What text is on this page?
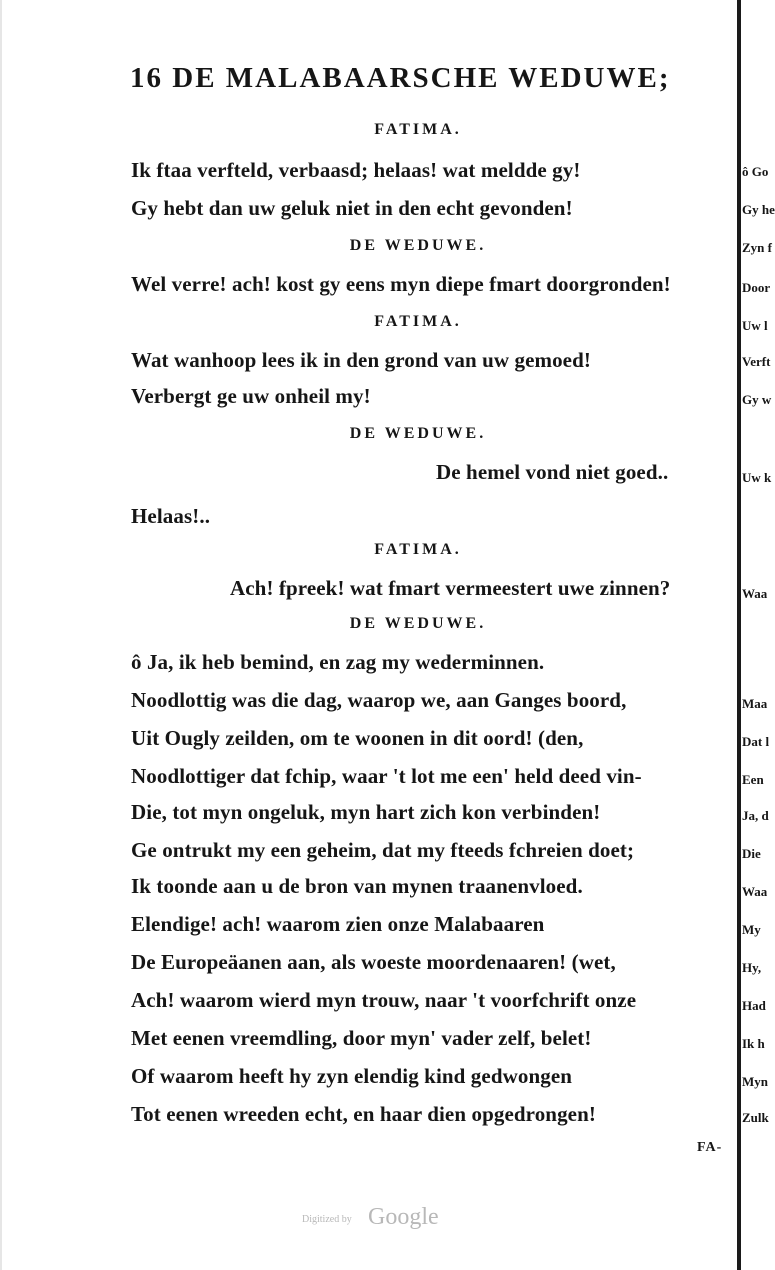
16 DE MALABAARSCHE WEDUWE;
FATIMA.
Ik ftaa verfteld, verbaasd; helaas! wat meldde gy!
Gy hebt dan uw geluk niet in den echt gevonden!
DE WEDUWE.
Wel verre! ach! kost gy eens myn diepe fmart doorgronden!
FATIMA.
Wat wanhoop lees ik in den grond van uw gemoed!
Verbergt ge uw onheil my!
DE WEDUWE.
De hemel vond niet goed..
Helaas!..
FATIMA.
Ach! fpreek! wat fmart vermeestert uwe zinnen?
DE WEDUWE.
ô Ja, ik heb bemind, en zag my wederminnen.
Noodlottig was die dag, waarop we, aan Ganges boord,
Uit Ougly zeilden, om te woonen in dit oord! (den,
Noodlottiger dat fchip, waar 't lot me een' held deed vin-
Die, tot myn ongeluk, myn hart zich kon verbinden!
Ge ontrukt my een geheim, dat my fteeds fchreien doet;
Ik toonde aan u de bron van mynen traanenvloed.
Elendige! ach! waarom zien onze Malabaaren
De Europeäanen aan, als woeste moordenaaren! (wet,
Ach! waarom wierd myn trouw, naar 't voorfchrift onze
Met eenen vreemdling, door myn' vader zelf, belet!
Of waarom heeft hy zyn elendig kind gedwongen
Tot eenen wreeden echt, en haar dien opgedrongen!
ô Go
Gy he
Zyn f
Door
Uw l
Verft
Gy w
Uw k
Waa
Maa
Dat l
Een
Ja, d
Die
Waa
My
Hy,
Had
Ik h
Myn
Zulk
FA-
Digitized by Google
